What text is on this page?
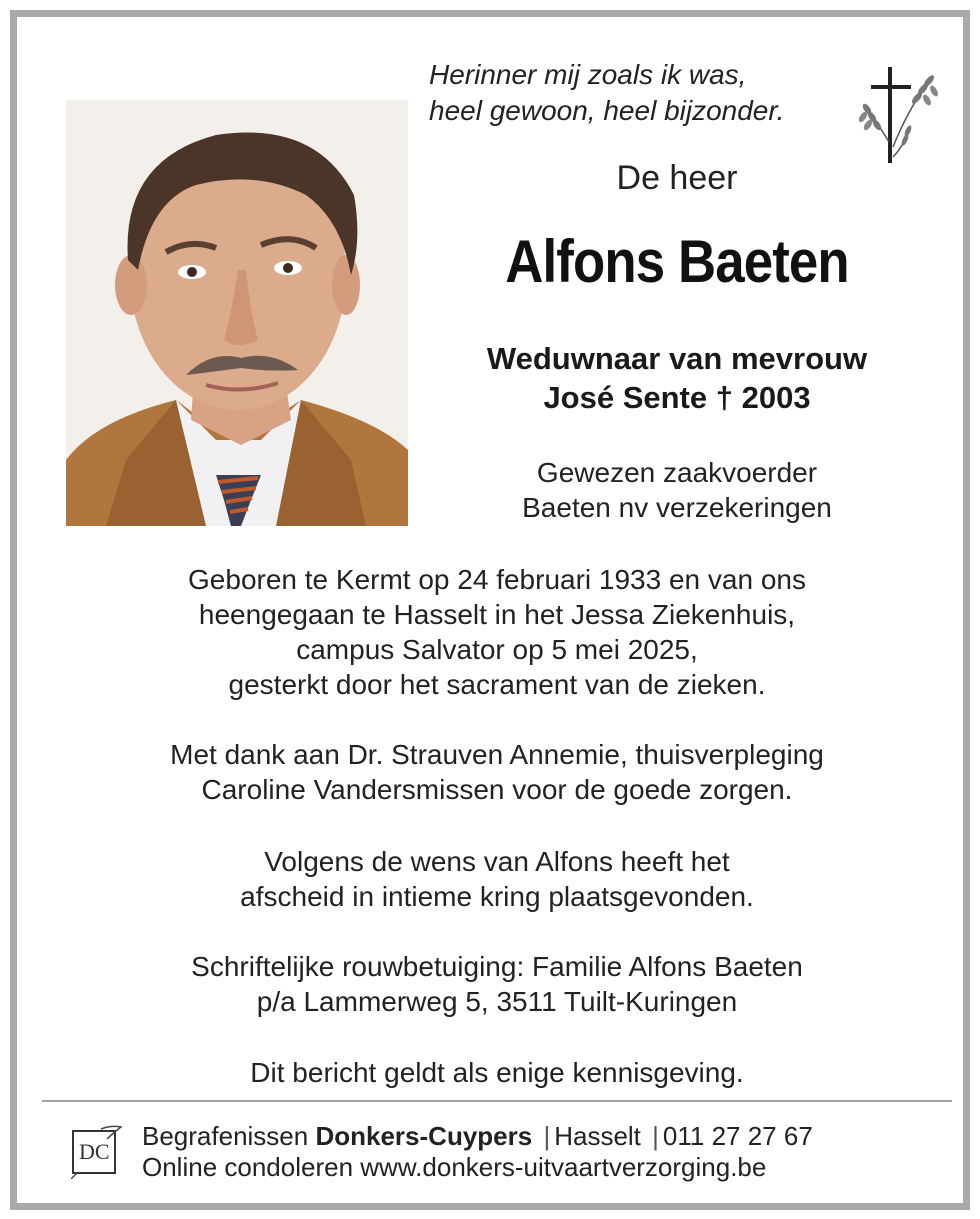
Herinner mij zoals ik was,
heel gewoon, heel bijzonder.
De heer
Alfons Baeten
Weduwnaar van mevrouw
José Sente † 2003
Gewezen zaakvoerder
Baeten nv verzekeringen
Geboren te Kermt op 24 februari 1933 en van ons
heengegaan te Hasselt in het Jessa Ziekenhuis,
campus Salvator op 5 mei 2025,
gesterkt door het sacrament van de zieken.
Met dank aan Dr. Strauven Annemie, thuisverpleging
Caroline Vandersmissen voor de goede zorgen.
Volgens de wens van Alfons heeft het
afscheid in intieme kring plaatsgevonden.
Schriftelijke rouwbetuiging: Familie Alfons Baeten
p/a Lammerweg 5, 3511 Tuilt-Kuringen
Dit bericht geldt als enige kennisgeving.
DC
Begrafenissen Donkers-Cuypers | Hasselt | 011 27 27 67
Online condoleren www.donkers-uitvaartverzorging.be
